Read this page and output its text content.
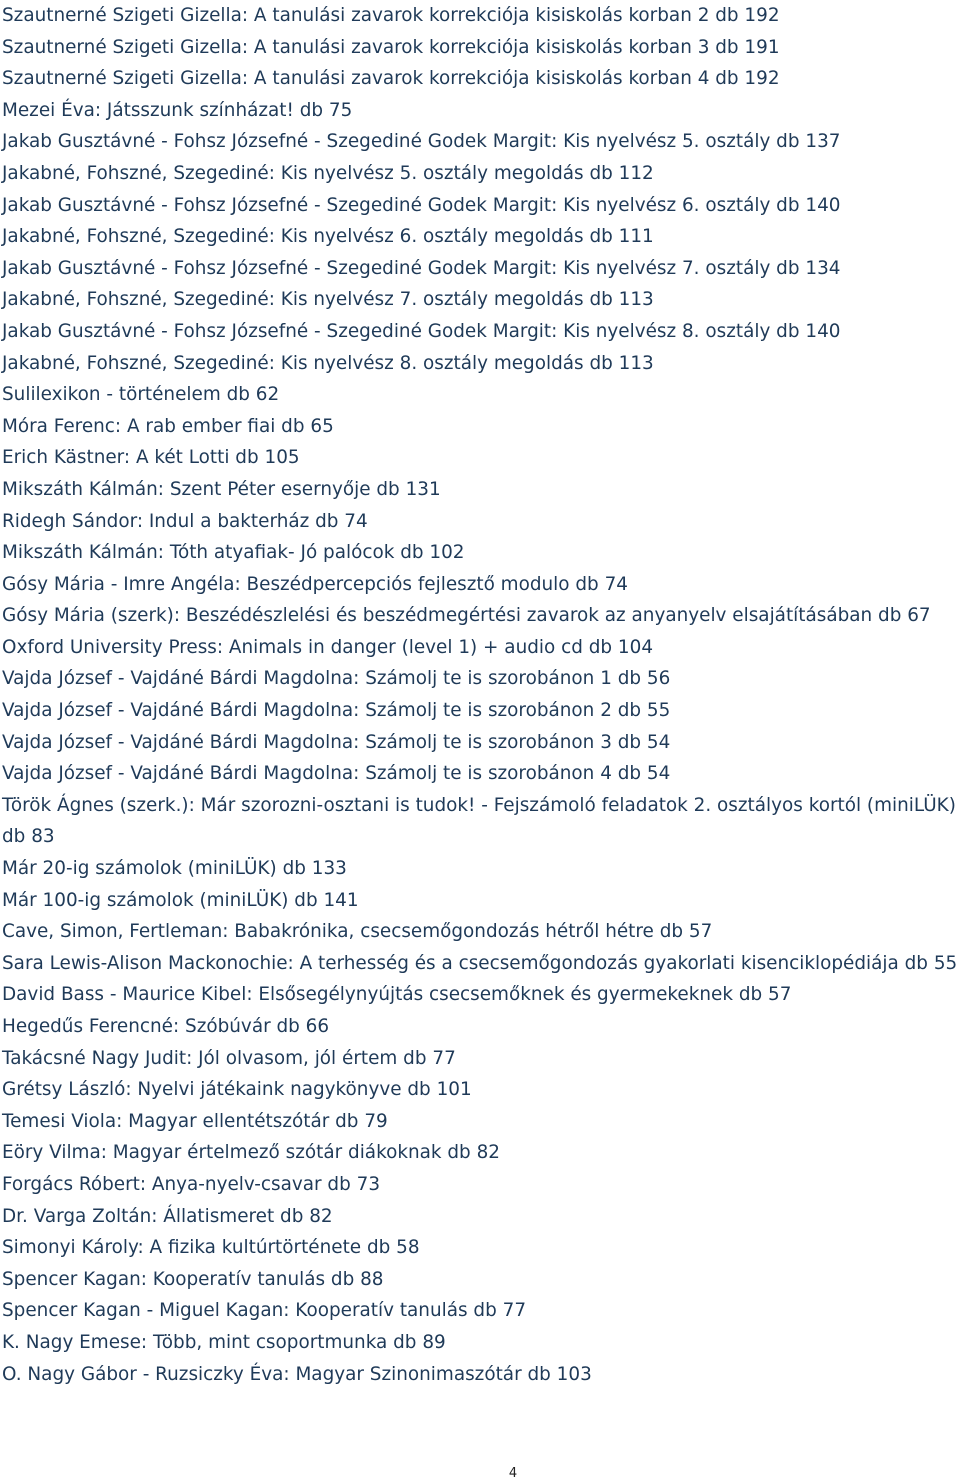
Szautnerné Szigeti Gizella: A tanulási zavarok korrekciója kisiskolás korban 2 db 192
Szautnerné Szigeti Gizella: A tanulási zavarok korrekciója kisiskolás korban 3 db 191
Szautnerné Szigeti Gizella: A tanulási zavarok korrekciója kisiskolás korban 4 db 192
Mezei Éva: Játsszunk színházat! db 75
Jakab Gusztávné - Fohsz Józsefné - Szegediné Godek Margit: Kis nyelvész 5. osztály db 137
Jakabné, Fohszné, Szegediné: Kis nyelvész 5. osztály megoldás db 112
Jakab Gusztávné - Fohsz Józsefné - Szegediné Godek Margit: Kis nyelvész 6. osztály db 140
Jakabné, Fohszné, Szegediné: Kis nyelvész 6. osztály megoldás db 111
Jakab Gusztávné - Fohsz Józsefné - Szegediné Godek Margit: Kis nyelvész 7. osztály db 134
Jakabné, Fohszné, Szegediné: Kis nyelvész 7. osztály megoldás db 113
Jakab Gusztávné - Fohsz Józsefné - Szegediné Godek Margit: Kis nyelvész 8. osztály db 140
Jakabné, Fohszné, Szegediné: Kis nyelvész 8. osztály megoldás db 113
Sulilexikon - történelem db 62
Móra Ferenc: A rab ember fiai db 65
Erich Kästner: A két Lotti db 105
Mikszáth Kálmán: Szent Péter esernyője db 131
Ridegh Sándor: Indul a bakterház db 74
Mikszáth Kálmán: Tóth atyafiak- Jó palócok db 102
Gósy Mária - Imre Angéla: Beszédpercepciós fejlesztő modulo db 74
Gósy Mária (szerk): Beszédészlelési és beszédmegértési zavarok az anyanyelv elsajátításában db 67
Oxford University Press: Animals in danger (level 1) + audio cd db 104
Vajda József - Vajdáné Bárdi Magdolna: Számolj te is szorobánon 1 db 56
Vajda József - Vajdáné Bárdi Magdolna: Számolj te is szorobánon 2 db 55
Vajda József - Vajdáné Bárdi Magdolna: Számolj te is szorobánon 3 db 54
Vajda József - Vajdáné Bárdi Magdolna: Számolj te is szorobánon 4 db 54
Török Ágnes (szerk.): Már szorozni-osztani is tudok! - Fejszámoló feladatok 2. osztályos kortól (miniLÜK) db 83
Már 20-ig számolok (miniLÜK) db 133
Már 100-ig számolok (miniLÜK) db 141
Cave, Simon, Fertleman: Babakrónika, csecsemőgondozás hétről hétre db 57
Sara Lewis-Alison Mackonochie: A terhesség és a csecsemőgondozás gyakorlati kisenciklopédiája db 55
David Bass - Maurice Kibel: Elsősegélynyújtás csecsemőknek és gyermekeknek db 57
Hegedűs Ferencné: Szóbúvár db 66
Takácsné Nagy Judit: Jól olvasom, jól értem db 77
Grétsy László: Nyelvi játékaink nagykönyve db 101
Temesi Viola: Magyar ellentétszótár db 79
Eöry Vilma: Magyar értelmező szótár diákoknak db 82
Forgács Róbert: Anya-nyelv-csavar db 73
Dr. Varga Zoltán: Állatismeret db 82
Simonyi Károly: A fizika kultúrtörténete db 58
Spencer Kagan: Kooperatív tanulás db 88
Spencer Kagan - Miguel Kagan: Kooperatív tanulás db 77
K. Nagy Emese: Több, mint csoportmunka db 89
O. Nagy Gábor - Ruzsiczky Éva: Magyar Szinonimaszótár db 103
4
